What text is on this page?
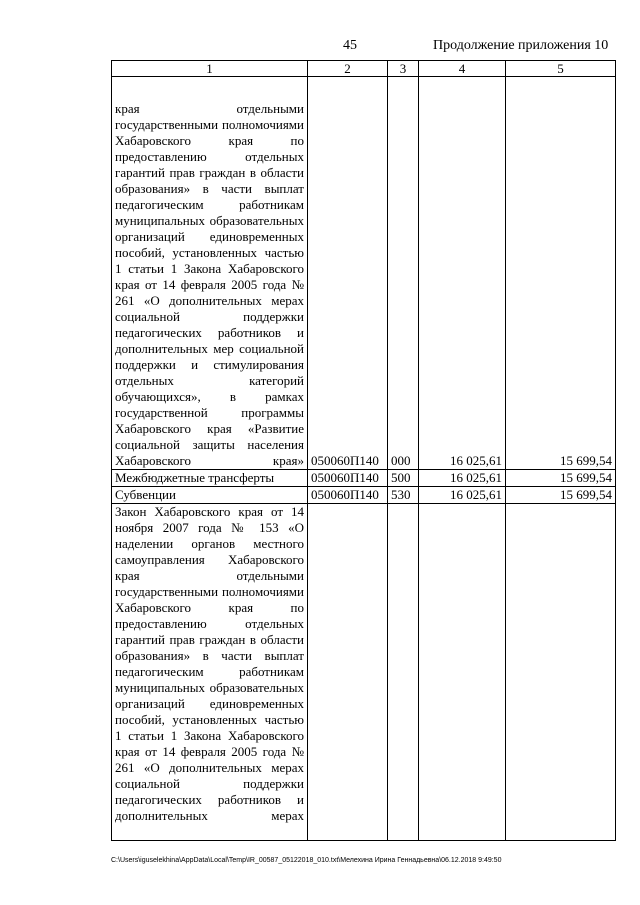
45	Продолжение приложения 10
1	2	3	4	5
края отдельными государственными полномочиями Хабаровского края по предоставлению отдельных гарантий прав граждан в области образования» в части выплат педагогическим работникам муниципальных образовательных организаций единовременных пособий, установленных частью 1 статьи 1 Закона Хабаровского края от 14 февраля 2005 года № 261 «О дополнительных мерах социальной поддержки педагогических работников и дополнительных мер социальной поддержки и стимулирования отдельных категорий обучающихся», в рамках государственной программы Хабаровского края «Развитие социальной защиты населения Хабаровского края»	050060П140	000	16 025,61	15 699,54
Межбюджетные трансферты	050060П140	500	16 025,61	15 699,54
Субвенции	050060П140	530	16 025,61	15 699,54
Закон Хабаровского края от 14 ноября 2007 года № 153 «О наделении органов местного самоуправления Хабаровского края отдельными государственными полномочиями Хабаровского края по предоставлению отдельных гарантий прав граждан в области образования» в части выплат педагогическим работникам муниципальных образовательных организаций единовременных пособий, установленных частью 1 статьи 1 Закона Хабаровского края от 14 февраля 2005 года № 261 «О дополнительных мерах социальной поддержки педагогических работников и дополнительных мерах				
C:\Users\iguselekhina\AppData\Local\Temp\IR_00587_05122018_010.txt\Мелехина Ирина Геннадьевна\06.12.2018 9:49:50
